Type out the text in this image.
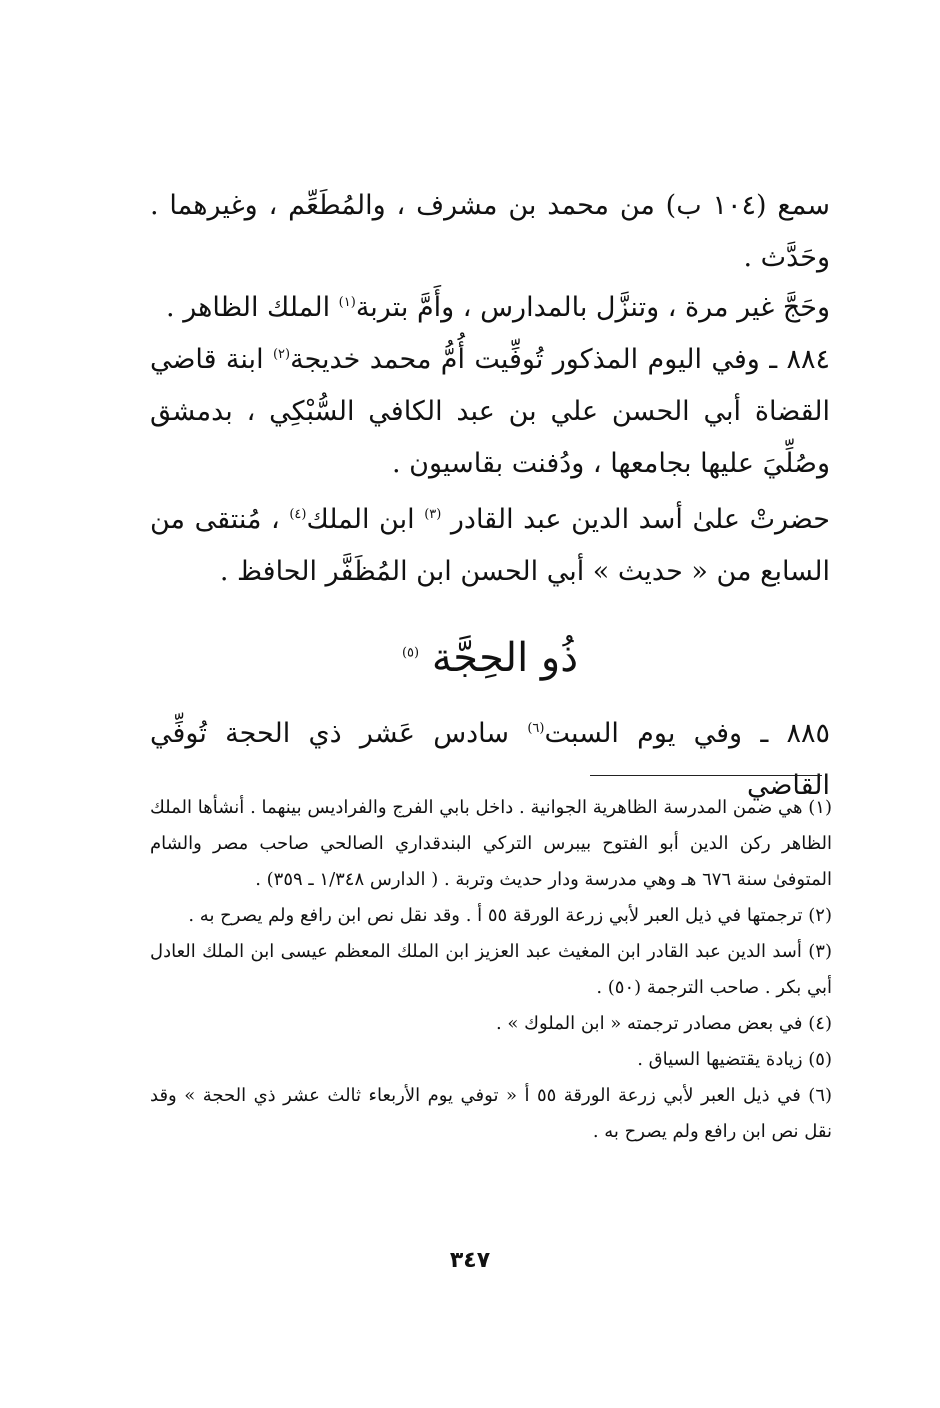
سمع (١٠٤ ب) من محمد بن مشرف ، والمُطَعِّم ، وغيرهما . وحَدَّث .

وحَجَّ غير مرة ، وتنزَّل بالمدارس ، وأَمَّ بتربة$^{(١)}$ الملك الظاهر .

٨٨٤ ـ وفي اليوم المذكور تُوفِّيت أُمُّ محمد خديجة$^{(٢)}$ ابنة قاضي القضاة أبي الحسن علي بن عبد الكافي السُّبْكِي ، بدمشق وصُلِّيَ عليها بجامعها ، ودُفنت بقاسيون .

حضرتْ علىٰ أسد الدين عبد القادر $^{(٣)}$ ابن الملك$^{(٤)}$ ، مُنتقى من السابع من « حديث » أبي الحسن ابن المُظَفَّر الحافظ .

ذُو الحِجَّة $^{(٥)}$

٨٨٥ ـ وفي يوم السبت$^{(٦)}$ سادس عَشر ذي الحجة تُوفِّي القاضي

(١) هي ضمن المدرسة الظاهرية الجوانية . داخل بابي الفرج والفراديس بينهما . أنشأها الملك الظاهر ركن الدين أبو الفتوح بيبرس التركي البندقداري الصالحي صاحب مصر والشام المتوفىٰ سنة ٦٧٦ هـ وهي مدرسة ودار حديث وتربة . ( الدارس ١/٣٤٨ ـ ٣٥٩) .

(٢) ترجمتها في ذيل العبر لأبي زرعة الورقة ٥٥ أ . وقد نقل نص ابن رافع ولم يصرح به .

(٣) أسد الدين عبد القادر ابن المغيث عبد العزيز ابن الملك المعظم عيسى ابن الملك العادل أبي بكر . صاحب الترجمة (٥٠) .

(٤) في بعض مصادر ترجمته « ابن الملوك » .

(٥) زيادة يقتضيها السياق .

(٦) في ذيل العبر لأبي زرعة الورقة ٥٥ أ « توفي يوم الأربعاء ثالث عشر ذي الحجة » وقد نقل نص ابن رافع ولم يصرح به .

٣٤٧
